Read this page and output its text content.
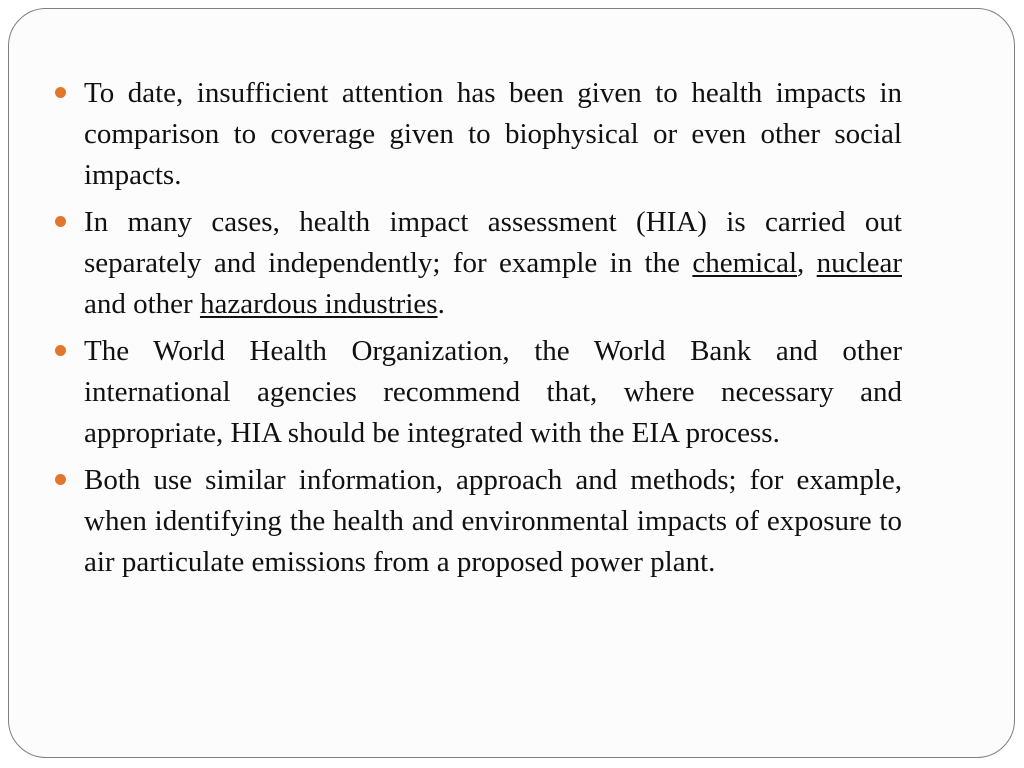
To date, insufficient attention has been given to health impacts in comparison to coverage given to biophysical or even other social impacts.
In many cases, health impact assessment (HIA) is carried out separately and independently; for example in the chemical, nuclear and other hazardous industries.
The World Health Organization, the World Bank and other international agencies recommend that, where necessary and appropriate, HIA should be integrated with the EIA process.
Both use similar information, approach and methods; for example, when identifying the health and environmental impacts of exposure to air particulate emissions from a proposed power plant.
